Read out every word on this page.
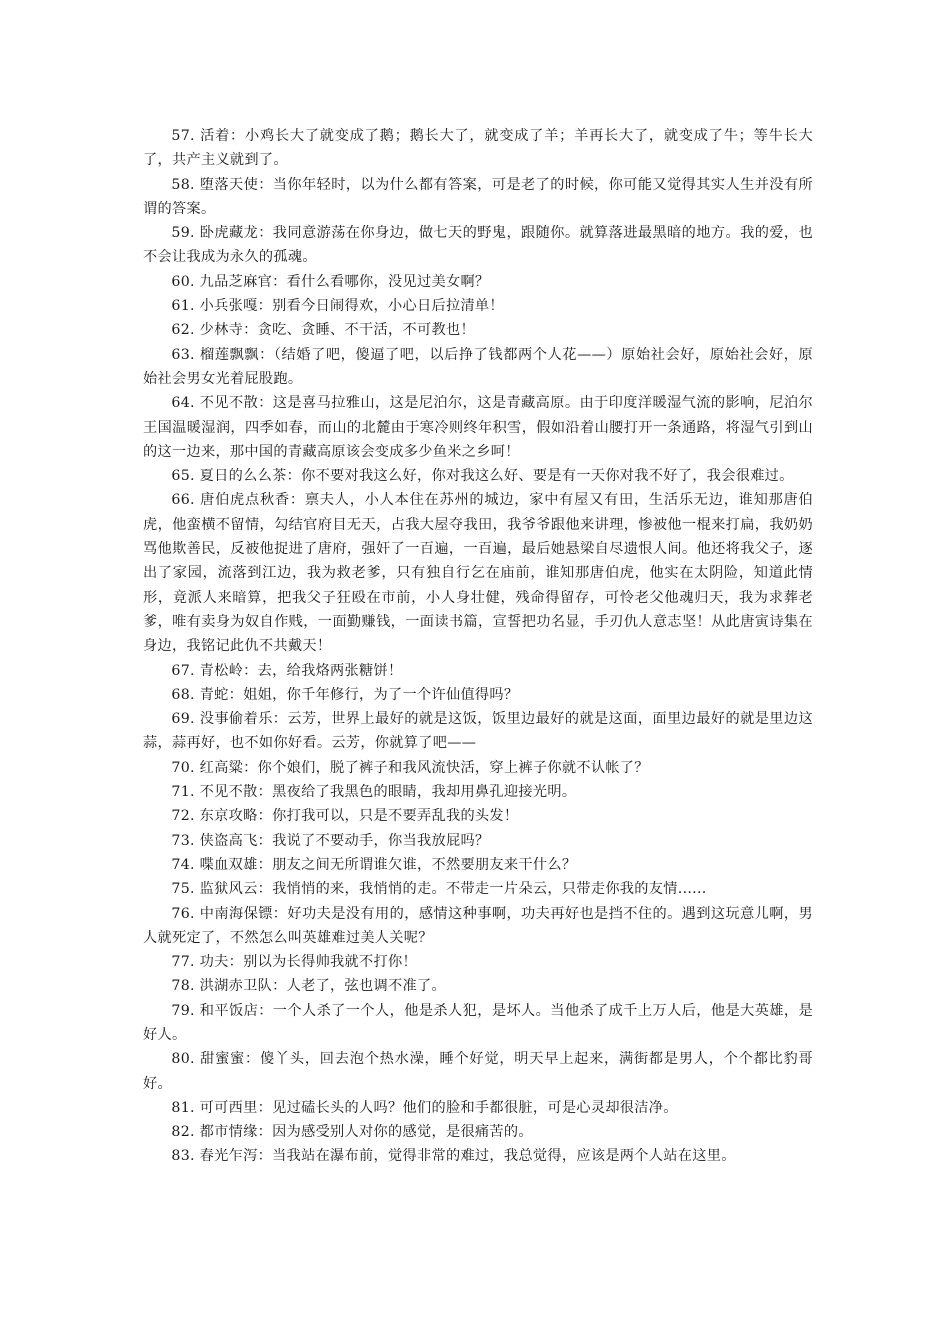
57. 活着：小鸡长大了就变成了鹅；鹅长大了，就变成了羊；羊再长大了，就变成了牛；等牛长大了，共产主义就到了。

58. 堕落天使：当你年轻时，以为什么都有答案，可是老了的时候，你可能又觉得其实人生并没有所谓的答案。

59. 卧虎藏龙：我同意游荡在你身边，做七天的野鬼，跟随你。就算落进最黑暗的地方。我的爱，也不会让我成为永久的孤魂。

60. 九品芝麻官：看什么看哪你，没见过美女啊？

61. 小兵张嘎：别看今日闹得欢，小心日后拉清单！

62. 少林寺：贪吃、贪睡、不干活，不可教也！

63. 榴莲飘飘：（结婚了吧，傻逼了吧，以后挣了钱都两个人花——）原始社会好，原始社会好，原始社会男女光着屁股跑。

64. 不见不散：这是喜马拉雅山，这是尼泊尔，这是青藏高原。由于印度洋暖湿气流的影响，尼泊尔王国温暖湿润，四季如春，而山的北麓由于寒冷则终年积雪，假如沿着山腰打开一条通路，将湿气引到山的这一边来，那中国的青藏高原该会变成多少鱼米之乡呵！

65. 夏日的么么茶：你不要对我这么好，你对我这么好、要是有一天你对我不好了，我会很难过。

66. 唐伯虎点秋香：禀夫人，小人本住在苏州的城边，家中有屋又有田，生活乐无边，谁知那唐伯虎，他蛮横不留情，勾结官府目无天，占我大屋夺我田，我爷爷跟他来讲理，惨被他一棍来打扁，我奶奶骂他欺善民，反被他捉进了唐府，强奸了一百遍，一百遍，最后她悬梁自尽遗恨人间。他还将我父子，逐出了家园，流落到江边，我为救老爹，只有独自行乞在庙前，谁知那唐伯虎，他实在太阴险，知道此情形，竟派人来暗算，把我父子狂殴在市前，小人身壮健，残命得留存，可怜老父他魂归天，我为求葬老爹，唯有卖身为奴自作贱，一面勤赚钱，一面读书篇，宣誓把功名显，手刃仇人意志坚！从此唐寅诗集在身边，我铭记此仇不共戴天！

67. 青松岭：去，给我烙两张糖饼！

68. 青蛇：姐姐，你千年修行，为了一个许仙值得吗？

69. 没事偷着乐：云芳，世界上最好的就是这饭，饭里边最好的就是这面，面里边最好的就是里边这蒜，蒜再好，也不如你好看。云芳，你就算了吧——

70. 红高粱：你个娘们，脱了裤子和我风流快活，穿上裤子你就不认帐了？

71. 不见不散：黑夜给了我黑色的眼睛，我却用鼻孔迎接光明。

72. 东京攻略：你打我可以，只是不要弄乱我的头发！

73. 侠盗高飞：我说了不要动手，你当我放屁吗？

74. 喋血双雄：朋友之间无所谓谁欠谁，不然要朋友来干什么？

75. 监狱风云：我悄悄的来，我悄悄的走。不带走一片朵云，只带走你我的友情......

76. 中南海保镖：好功夫是没有用的，感情这种事啊，功夫再好也是挡不住的。遇到这玩意儿啊，男人就死定了，不然怎么叫英雄难过美人关呢？

77. 功夫：别以为长得帅我就不打你！

78. 洪湖赤卫队：人老了，弦也调不准了。

79. 和平饭店：一个人杀了一个人，他是杀人犯，是坏人。当他杀了成千上万人后，他是大英雄，是好人。

80. 甜蜜蜜：傻丫头，回去泡个热水澡，睡个好觉，明天早上起来，满街都是男人，个个都比豹哥好。

81. 可可西里：见过磕长头的人吗？他们的脸和手都很脏，可是心灵却很洁净。

82. 都市情缘：因为感受别人对你的感觉，是很痛苦的。

83. 春光乍泻：当我站在瀑布前，觉得非常的难过，我总觉得，应该是两个人站在这里。
